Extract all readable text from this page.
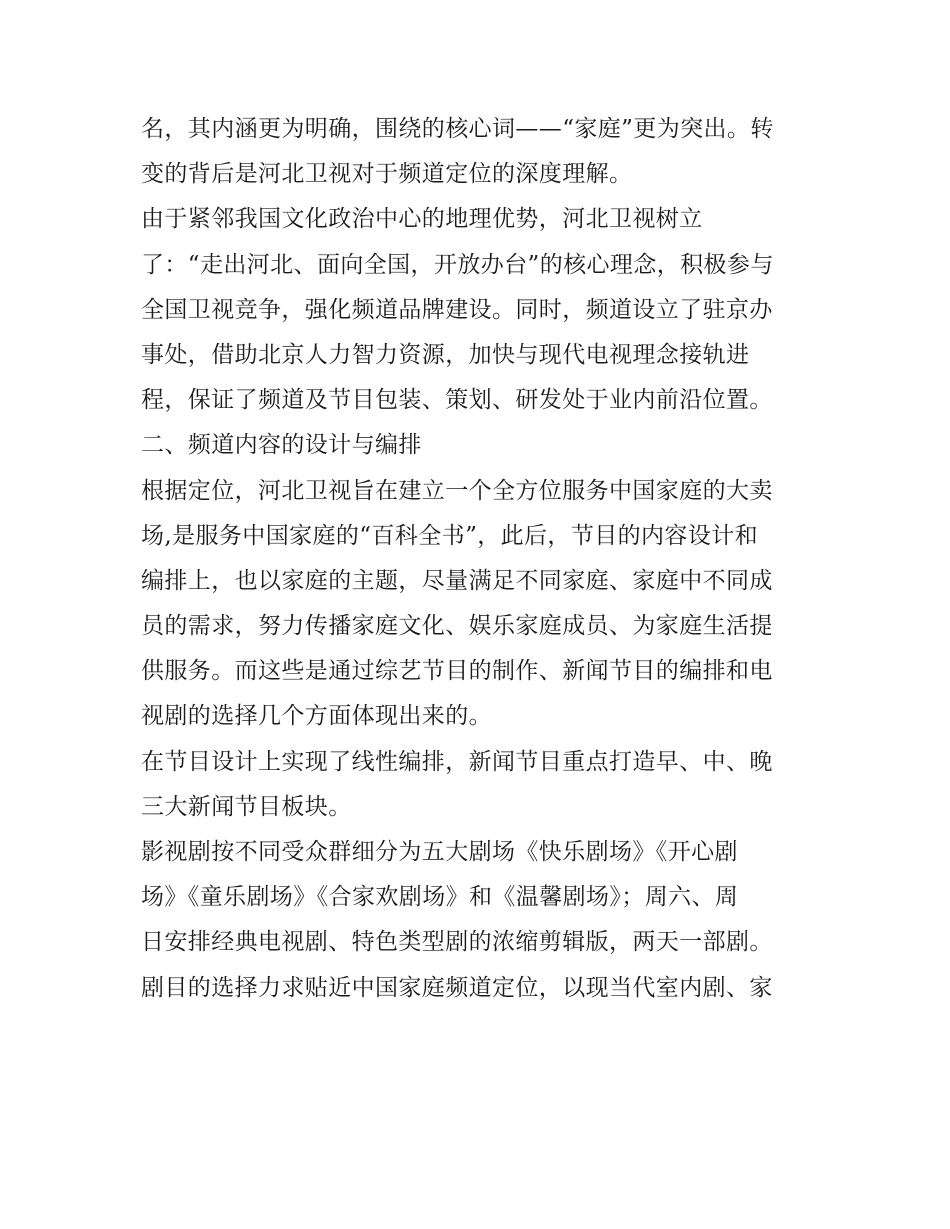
名，其内涵更为明确，围绕的核心词——“家庭”更为突出。转
变的背后是河北卫视对于频道定位的深度理解。
由于紧邻我国文化政治中心的地理优势，河北卫视树立
了：“走出河北、面向全国，开放办台”的核心理念，积极参与
全国卫视竞争，强化频道品牌建设。同时，频道设立了驻京办
事处，借助北京人力智力资源，加快与现代电视理念接轨进
程，保证了频道及节目包装、策划、研发处于业内前沿位置。
二、频道内容的设计与编排
根据定位，河北卫视旨在建立一个全方位服务中国家庭的大卖
场,是服务中国家庭的“百科全书”，此后，节目的内容设计和
编排上，也以家庭的主题，尽量满足不同家庭、家庭中不同成
员的需求，努力传播家庭文化、娱乐家庭成员、为家庭生活提
供服务。而这些是通过综艺节目的制作、新闻节目的编排和电
视剧的选择几个方面体现出来的。
在节目设计上实现了线性编排，新闻节目重点打造早、中、晚
三大新闻节目板块。
影视剧按不同受众群细分为五大剧场《快乐剧场》《开心剧
场》《童乐剧场》《合家欢剧场》和《温馨剧场》；周六、周
日安排经典电视剧、特色类型剧的浓缩剪辑版，两天一部剧。
剧目的选择力求贴近中国家庭频道定位，以现当代室内剧、家
